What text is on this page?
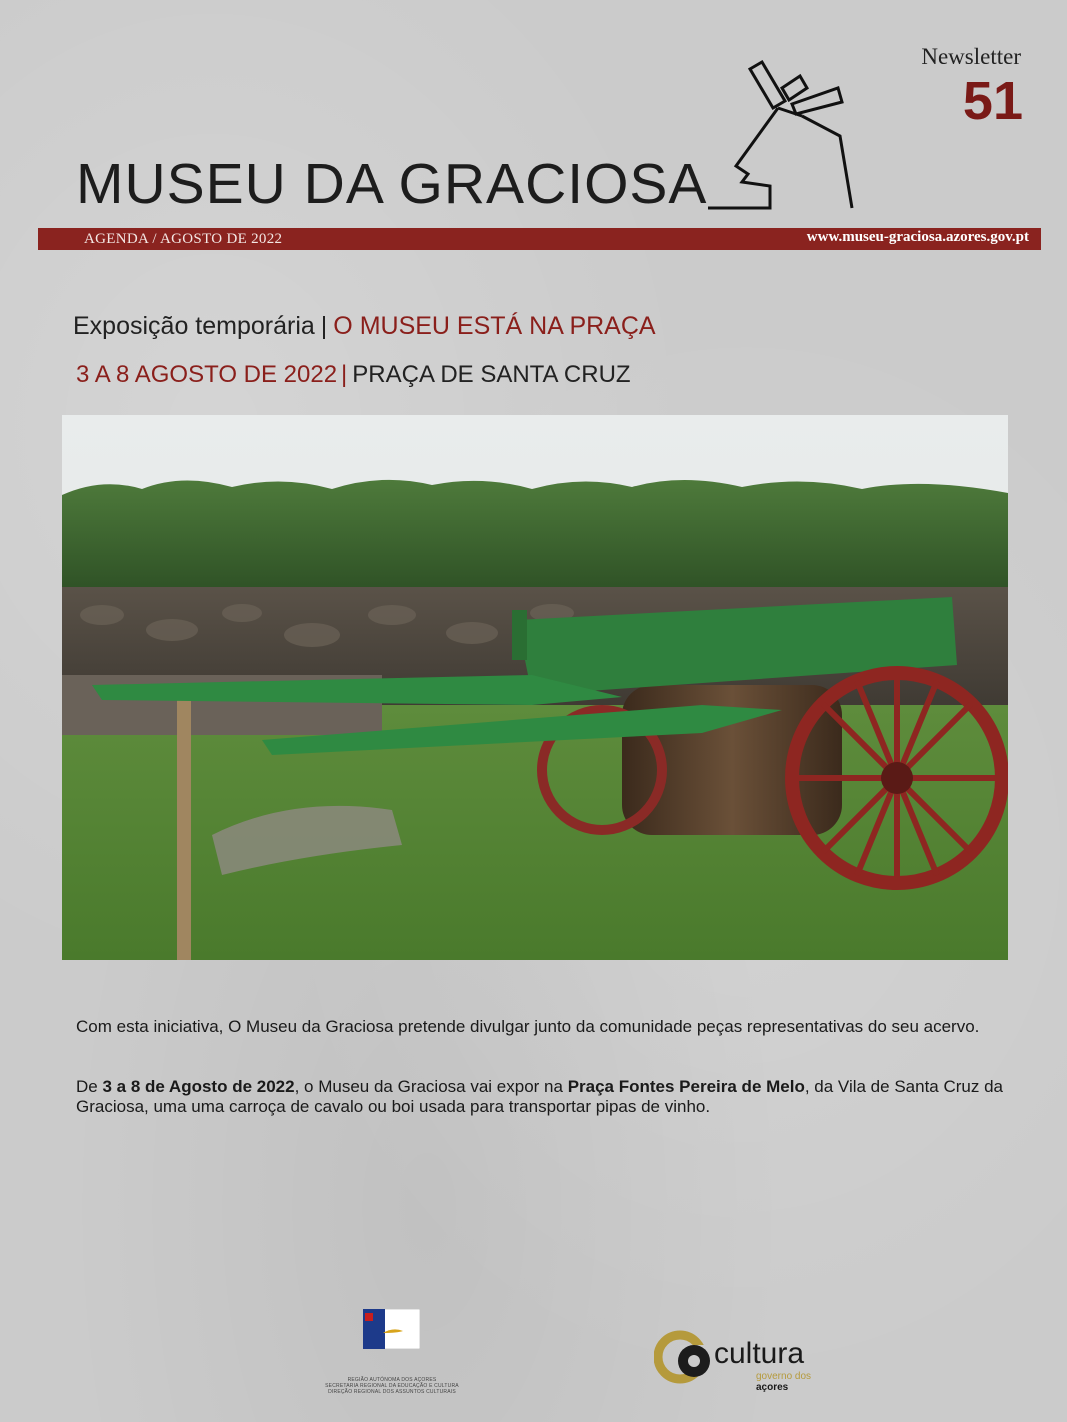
Newsletter
51
MUSEU DA GRACIOSA
AGENDA / AGOSTO DE 2022	www.museu-graciosa.azores.gov.pt
Exposição temporária | O MUSEU ESTÁ NA PRAÇA
3 A 8 AGOSTO DE 2022 | PRAÇA DE SANTA CRUZ
Com esta iniciativa, O Museu da Graciosa pretende divulgar junto da comunidade peças representativas do seu acervo.
De 3 a 8 de Agosto de 2022, o Museu da Graciosa vai expor na Praça Fontes Pereira de Melo, da Vila de Santa Cruz da Graciosa, uma uma carroça de cavalo ou boi usada para transportar pipas de vinho.
REGIÃO AUTÓNOMA DOS AÇORES
SECRETARIA REGIONAL DA EDUCAÇÃO E CULTURA
DIREÇÃO REGIONAL DOS ASSUNTOS CULTURAIS
cultura
governo dos açores
